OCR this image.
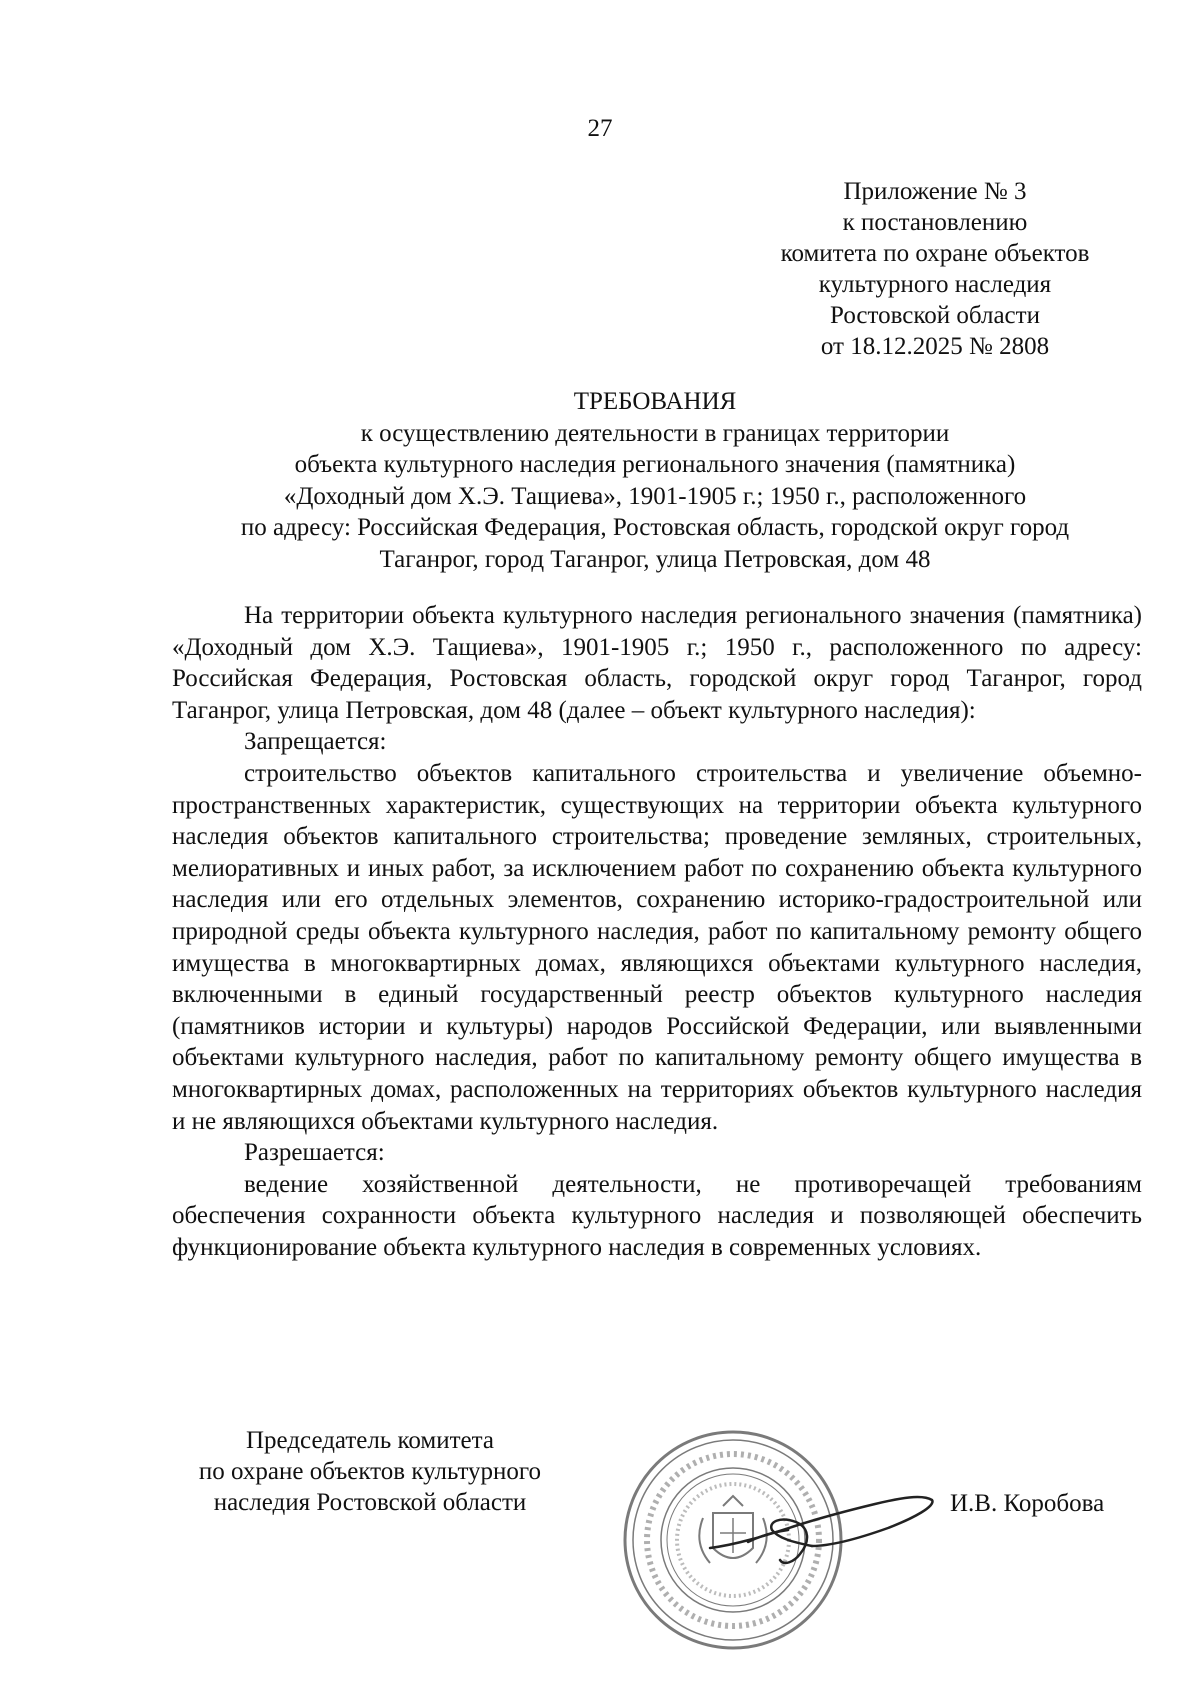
27
Приложение № 3
к постановлению
комитета по охране объектов
культурного наследия
Ростовской области
от 18.12.2025 № 2808
ТРЕБОВАНИЯ
к осуществлению деятельности в границах территории
объекта культурного наследия регионального значения (памятника)
«Доходный дом Х.Э. Тащиева», 1901-1905 г.; 1950 г., расположенного
по адресу: Российская Федерация, Ростовская область, городской округ город
Таганрог, город Таганрог, улица Петровская, дом 48

На территории объекта культурного наследия регионального значения (памятника) «Доходный дом Х.Э. Тащиева», 1901-1905 г.; 1950 г., расположенного по адресу: Российская Федерация, Ростовская область, городской округ город Таганрог, город Таганрог, улица Петровская, дом 48 (далее – объект культурного наследия):

Запрещается:

строительство объектов капитального строительства и увеличение объемно-пространственных характеристик, существующих на территории объекта культурного наследия объектов капитального строительства; проведение земляных, строительных, мелиоративных и иных работ, за исключением работ по сохранению объекта культурного наследия или его отдельных элементов, сохранению историко-градостроительной или природной среды объекта культурного наследия, работ по капитальному ремонту общего имущества в многоквартирных домах, являющихся объектами культурного наследия, включенными в единый государственный реестр объектов культурного наследия (памятников истории и культуры) народов Российской Федерации, или выявленными объектами культурного наследия, работ по капитальному ремонту общего имущества в многоквартирных домах, расположенных на территориях объектов культурного наследия и не являющихся объектами культурного наследия.

Разрешается:

ведение хозяйственной деятельности, не противоречащей требованиям обеспечения сохранности объекта культурного наследия и позволяющей обеспечить функционирование объекта культурного наследия в современных условиях.

Председатель комитета
по охране объектов культурного
наследия Ростовской области	И.В. Коробова
